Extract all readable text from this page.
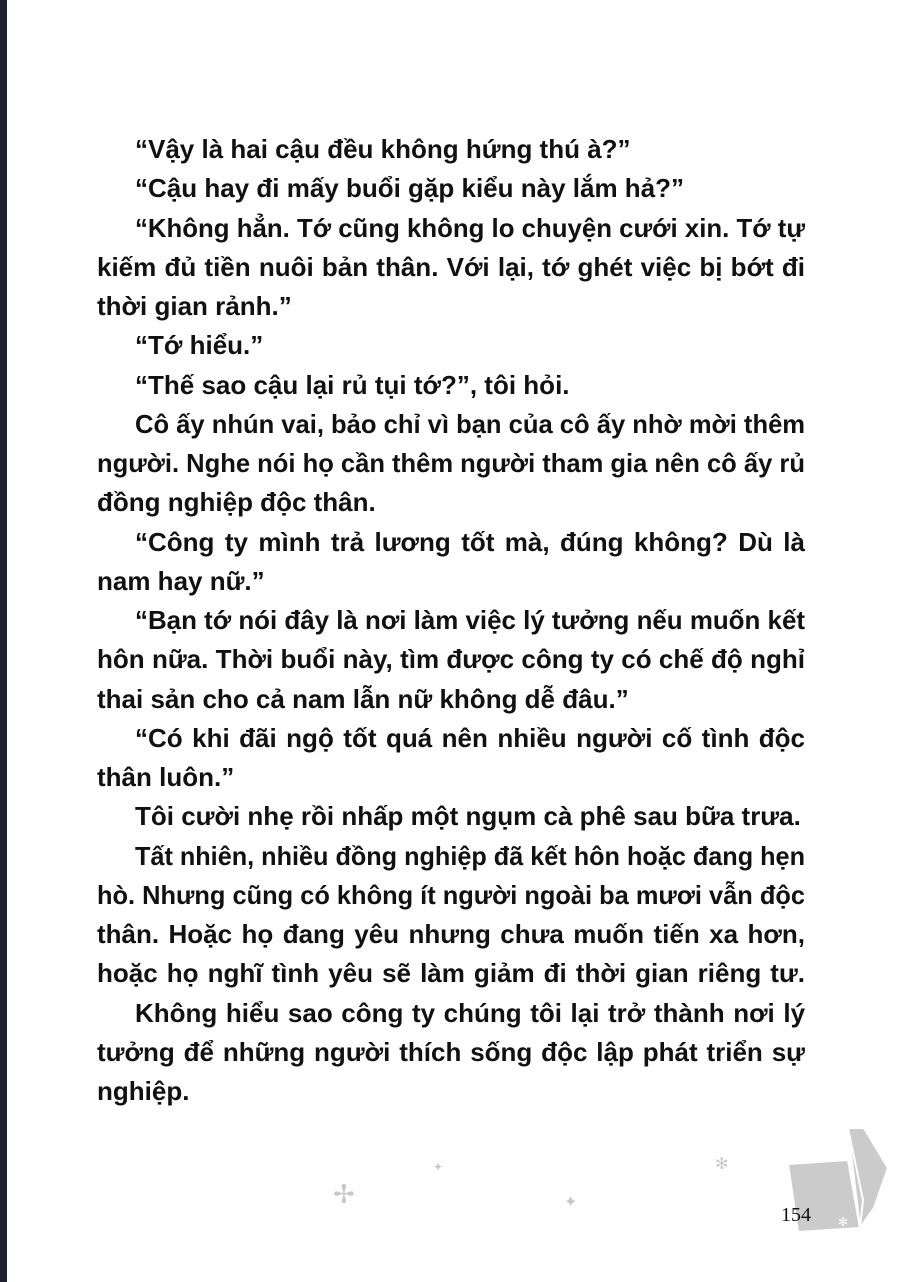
“Vậy là hai cậu đều không hứng thú à?”
“Cậu hay đi mấy buổi gặp kiểu này lắm hả?”
“Không hẳn. Tớ cũng không lo chuyện cưới xin. Tớ tự
kiếm đủ tiền nuôi bản thân. Với lại, tớ ghét việc bị bớt đi
thời gian rảnh.”
“Tớ hiểu.”
“Thế sao cậu lại rủ tụi tớ?”, tôi hỏi.
Cô ấy nhún vai, bảo chỉ vì bạn của cô ấy nhờ mời thêm
người. Nghe nói họ cần thêm người tham gia nên cô ấy rủ
đồng nghiệp độc thân.
“Công ty mình trả lương tốt mà, đúng không? Dù là
nam hay nữ.”
“Bạn tớ nói đây là nơi làm việc lý tưởng nếu muốn kết
hôn nữa. Thời buổi này, tìm được công ty có chế độ nghỉ
thai sản cho cả nam lẫn nữ không dễ đâu.”
“Có khi đãi ngộ tốt quá nên nhiều người cố tình độc
thân luôn.”
Tôi cười nhẹ rồi nhấp một ngụm cà phê sau bữa trưa.
Tất nhiên, nhiều đồng nghiệp đã kết hôn hoặc đang hẹn
hò. Nhưng cũng có không ít người ngoài ba mươi vẫn độc
thân. Hoặc họ đang yêu nhưng chưa muốn tiến xa hơn,
hoặc họ nghĩ tình yêu sẽ làm giảm đi thời gian riêng tư.
Không hiểu sao công ty chúng tôi lại trở thành nơi lý
tưởng để những người thích sống độc lập phát triển sự
nghiệp.
✢
✦
✦
✻
✻
154
